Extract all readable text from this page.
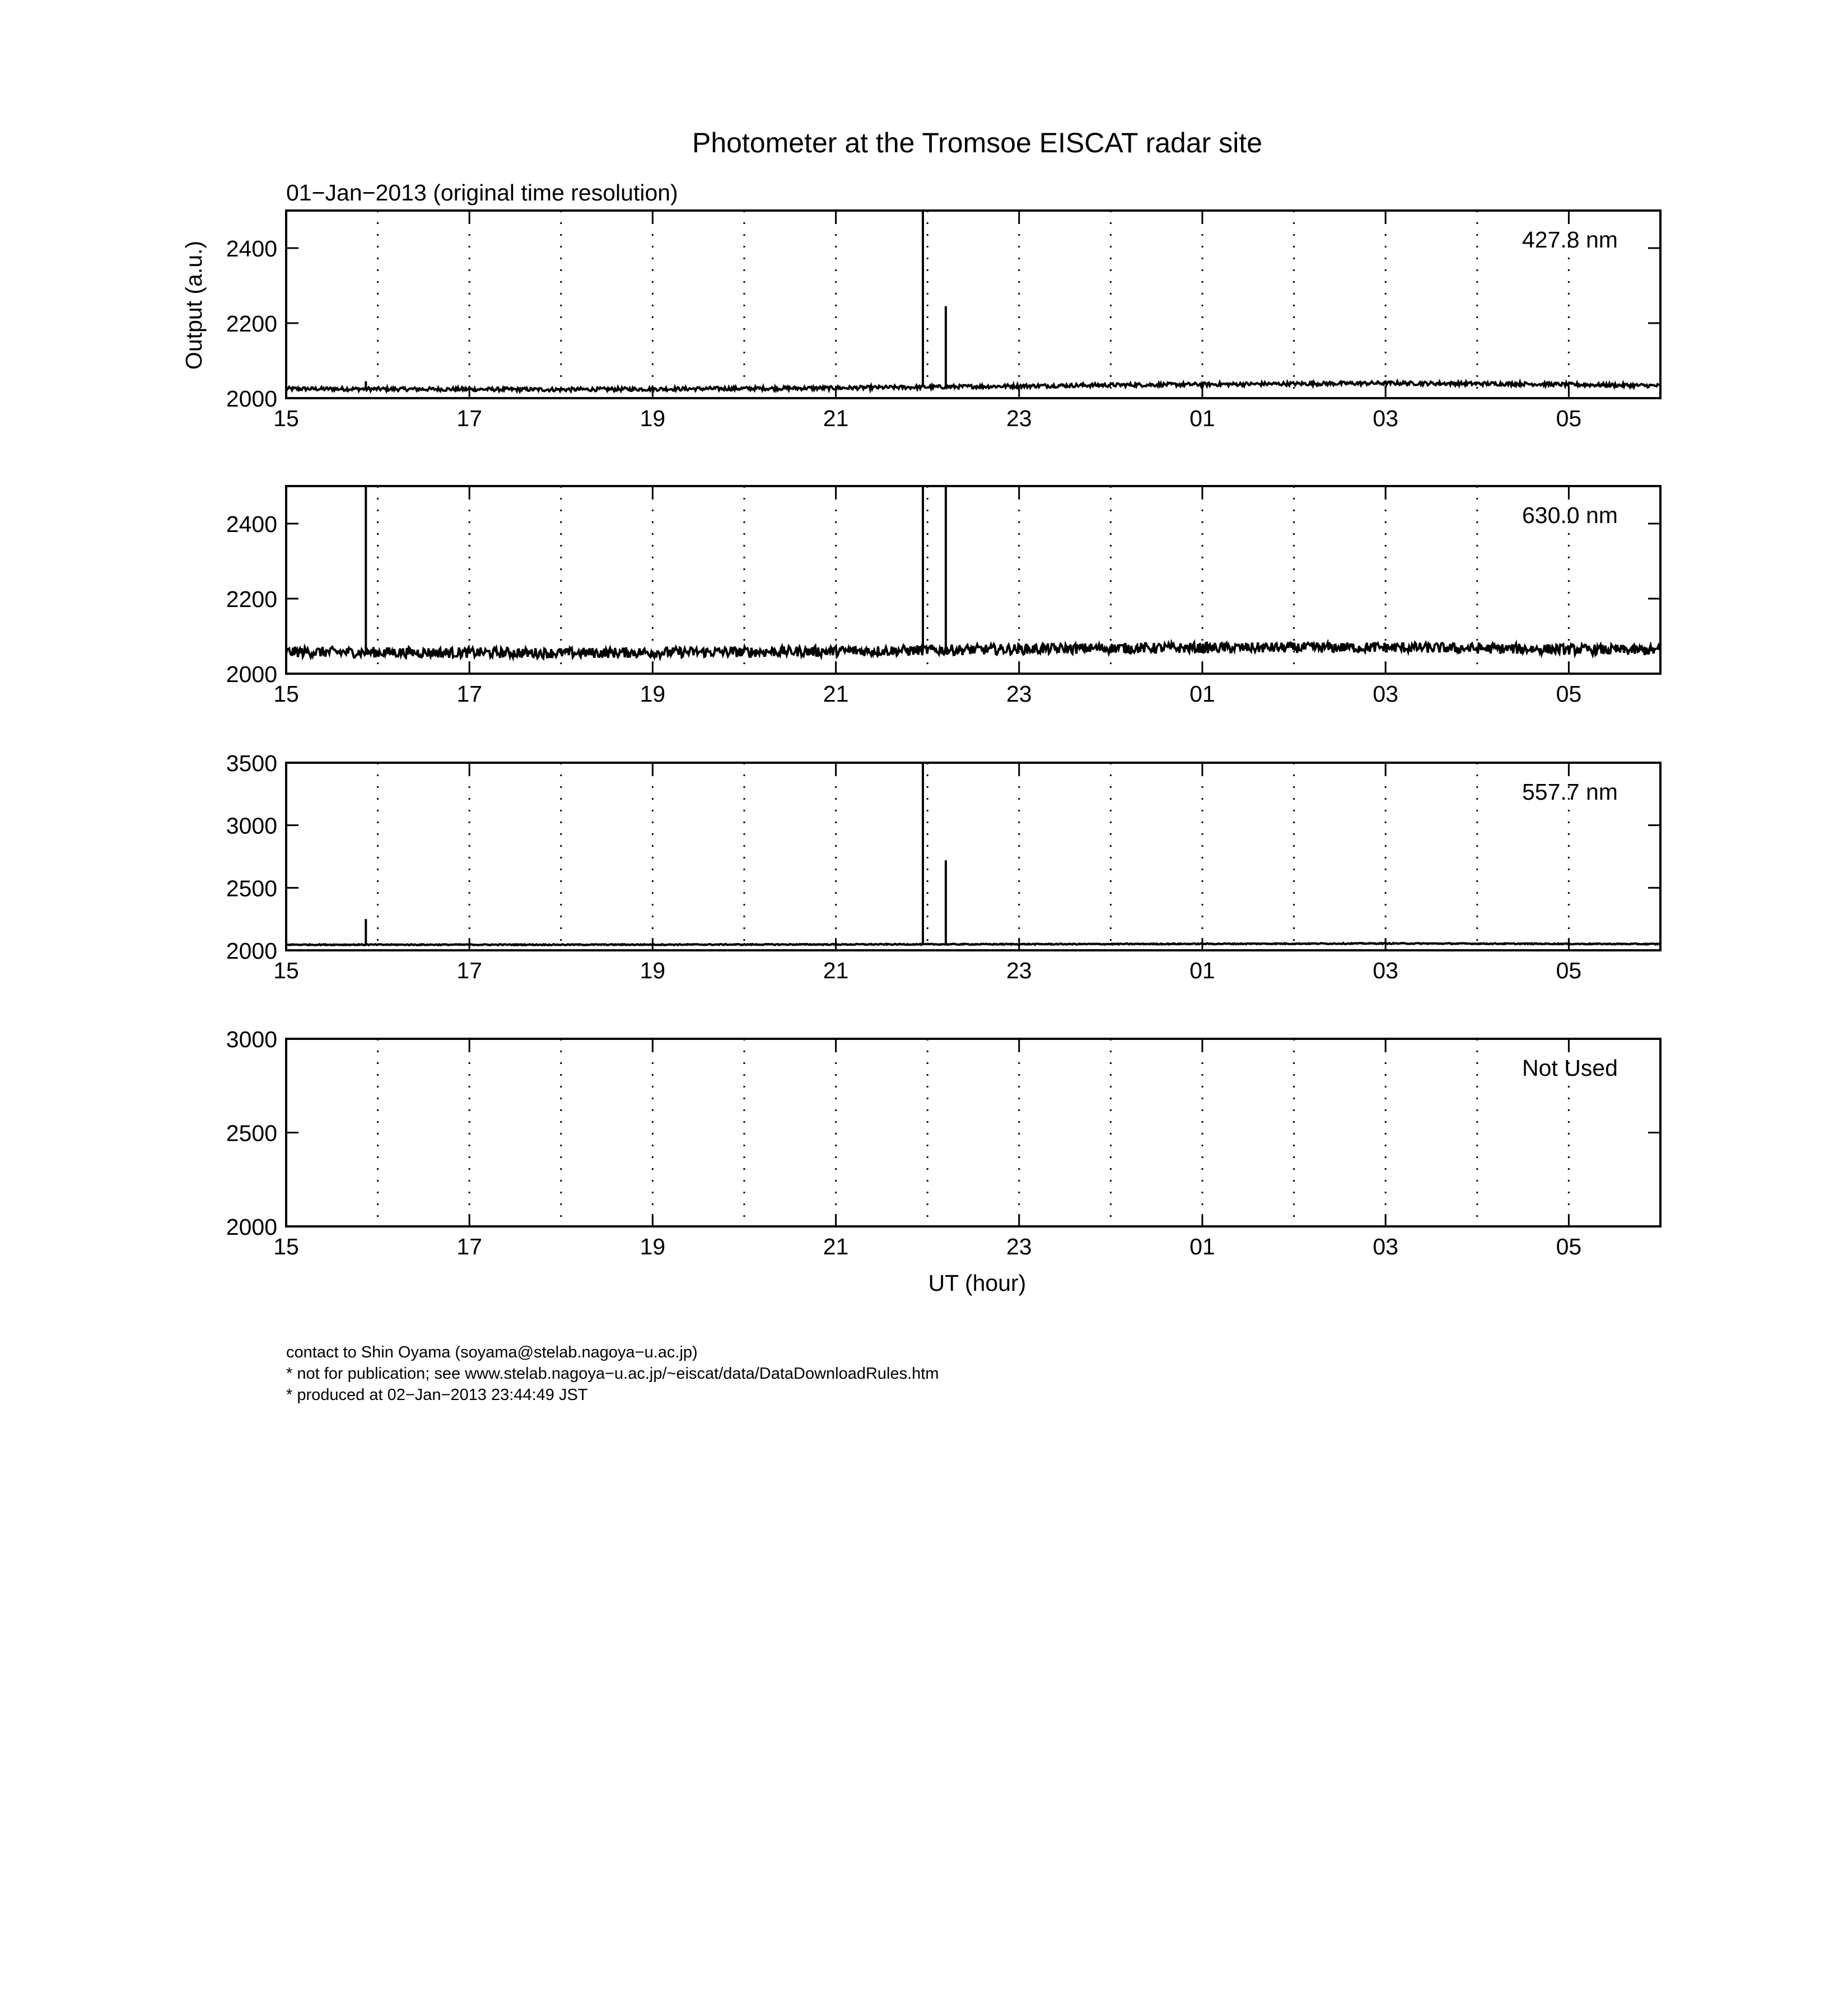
Photometer at the Tromsoe EISCAT radar site
01−Jan−2013 (original time resolution)
Output (a.u.)
UT (hour)
15	17	19	21	23	01	03	05
2000
2200
2400	427.8 nm
15	17	19	21	23	01	03	05
2000
2200
2400	630.0 nm
15	17	19	21	23	01	03	05
2000
2500
3000
3500
557.7 nm
15	17	19	21	23	01	03	05
2000
2500
3000
Not Used
contact to Shin Oyama (soyama@stelab.nagoya−u.ac.jp)
* not for publication; see www.stelab.nagoya−u.ac.jp/~eiscat/data/DataDownloadRules.htm
* produced at 02−Jan−2013 23:44:49 JST
